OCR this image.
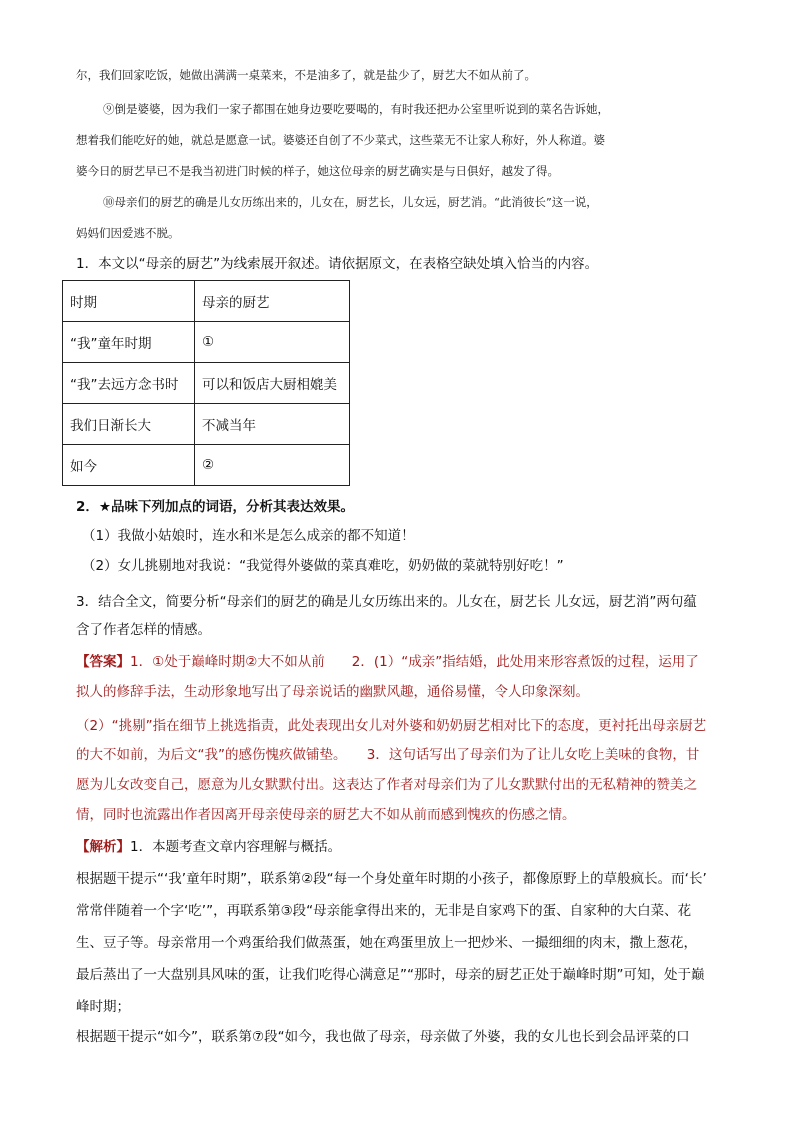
尔，我们回家吃饭，她做出满满一桌菜来，不是油多了，就是盐少了，厨艺大不如从前了。

⑨倒是婆婆，因为我们一家子都围在她身边要吃要喝的，有时我还把办公室里听说到的菜名告诉她，

想着我们能吃好的她，就总是愿意一试。婆婆还自创了不少菜式，这些菜无不让家人称好，外人称道。婆

婆今日的厨艺早已不是我当初进门时候的样子，她这位母亲的厨艺确实是与日俱好，越发了得。

⑩母亲们的厨艺的确是儿女历练出来的，儿女在，厨艺长，儿女远，厨艺消。“此消彼长”这一说，

妈妈们因爱逃不脱。

1．本文以“母亲的厨艺”为线索展开叙述。请依据原文，在表格空缺处填入恰当的内容。

时期	母亲的厨艺
“我”童年时期	①
“我”去远方念书时	可以和饭店大厨相媲美
我们日渐长大	不减当年
如今	②

2．★品味下列加点的词语，分析其表达效果。

（1）我做小姑娘时，连水和米是怎么成亲的都不知道！

（2）女儿挑剔地对我说：“我觉得外婆做的菜真难吃，奶奶做的菜就特别好吃！”

3．结合全文，简要分析“母亲们的厨艺的确是儿女历练出来的。儿女在，厨艺长 儿女远，厨艺消”两句蕴

含了作者怎样的情感。

【答案】1．①处于巅峰时期②大不如从前　　2．(1）“成亲”指结婚，此处用来形容煮饭的过程，运用了

拟人的修辞手法，生动形象地写出了母亲说话的幽默风趣，通俗易懂，令人印象深刻。

（2）“挑剔”指在细节上挑选指责，此处表现出女儿对外婆和奶奶厨艺相对比下的态度，更衬托出母亲厨艺

的大不如前，为后文“我”的感伤愧疚做铺垫。　　3．这句话写出了母亲们为了让儿女吃上美味的食物，甘

愿为儿女改变自己，愿意为儿女默默付出。这表达了作者对母亲们为了儿女默默付出的无私精神的赞美之

情，同时也流露出作者因离开母亲使母亲的厨艺大不如从前而感到愧疚的伤感之情。

【解析】1．本题考查文章内容理解与概括。

根据题干提示“‘我’童年时期”，联系第②段“每一个身处童年时期的小孩子，都像原野上的草般疯长。而‘长’

常常伴随着一个字‘吃’”，再联系第③段“母亲能拿得出来的，无非是自家鸡下的蛋、自家种的大白菜、花

生、豆子等。母亲常用一个鸡蛋给我们做蒸蛋，她在鸡蛋里放上一把炒米、一撮细细的肉末，撒上葱花，

最后蒸出了一大盘别具风味的蛋，让我们吃得心满意足”“那时，母亲的厨艺正处于巅峰时期”可知，处于巅

峰时期；

根据题干提示“如今”，联系第⑦段“如今，我也做了母亲，母亲做了外婆，我的女儿也长到会品评菜的口
